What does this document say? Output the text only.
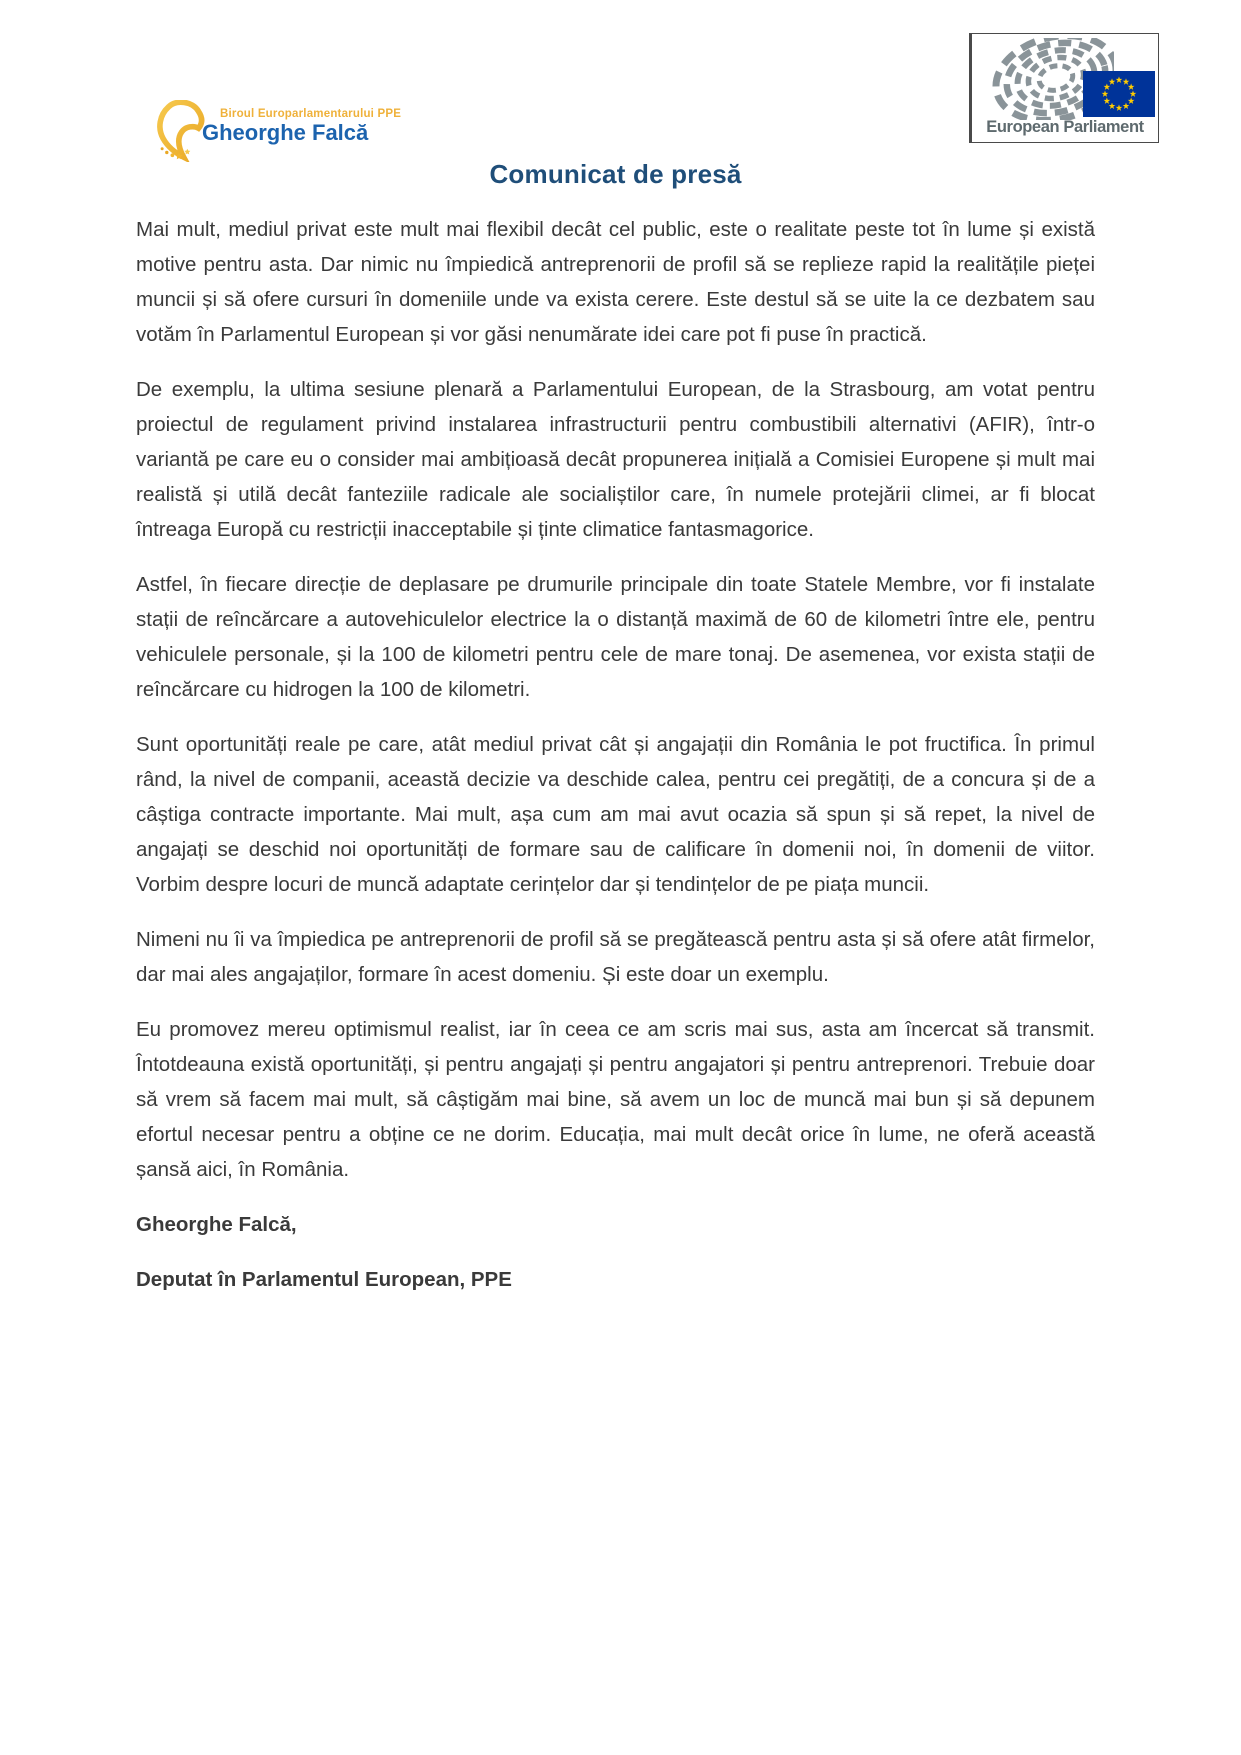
Biroul Europarlamentarului PPE
Gheorghe Falcă	European Parliament
Comunicat de presă

Mai mult, mediul privat este mult mai flexibil decât cel public, este o realitate peste tot în lume și există motive pentru asta. Dar nimic nu împiedică antreprenorii de profil să se replieze rapid la realitățile pieței muncii și să ofere cursuri în domeniile unde va exista cerere. Este destul să se uite la ce dezbatem sau votăm în Parlamentul European și vor găsi nenumărate idei care pot fi puse în practică.

De exemplu, la ultima sesiune plenară a Parlamentului European, de la Strasbourg, am votat pentru proiectul de regulament privind instalarea infrastructurii pentru combustibili alternativi (AFIR), într-o variantă pe care eu o consider mai ambițioasă decât propunerea inițială a Comisiei Europene și mult mai realistă și utilă decât fanteziile radicale ale socialiștilor care, în numele protejării climei, ar fi blocat întreaga Europă cu restricții inacceptabile și ținte climatice fantasmagorice.

Astfel, în fiecare direcție de deplasare pe drumurile principale din toate Statele Membre, vor fi instalate stații de reîncărcare a autovehiculelor electrice la o distanță maximă de 60 de kilometri între ele, pentru vehiculele personale, și la 100 de kilometri pentru cele de mare tonaj. De asemenea, vor exista stații de reîncărcare cu hidrogen la 100 de kilometri.

Sunt oportunități reale pe care, atât mediul privat cât și angajații din România le pot fructifica. În primul rând, la nivel de companii, această decizie va deschide calea, pentru cei pregătiți, de a concura și de a câștiga contracte importante. Mai mult, așa cum am mai avut ocazia să spun și să repet, la nivel de angajați se deschid noi oportunități de formare sau de calificare în domenii noi, în domenii de viitor. Vorbim despre locuri de muncă adaptate cerințelor dar și tendințelor de pe piața muncii.

Nimeni nu îi va împiedica pe antreprenorii de profil să se pregătească pentru asta și să ofere atât firmelor, dar mai ales angajaților, formare în acest domeniu. Și este doar un exemplu.

Eu promovez mereu optimismul realist, iar în ceea ce am scris mai sus, asta am încercat să transmit. Întotdeauna există oportunități, și pentru angajați și pentru angajatori și pentru antreprenori. Trebuie doar să vrem să facem mai mult, să câștigăm mai bine, să avem un loc de muncă mai bun și să depunem efortul necesar pentru a obține ce ne dorim. Educația, mai mult decât orice în lume, ne oferă această șansă aici, în România.

Gheorghe Falcă,

Deputat în Parlamentul European, PPE
